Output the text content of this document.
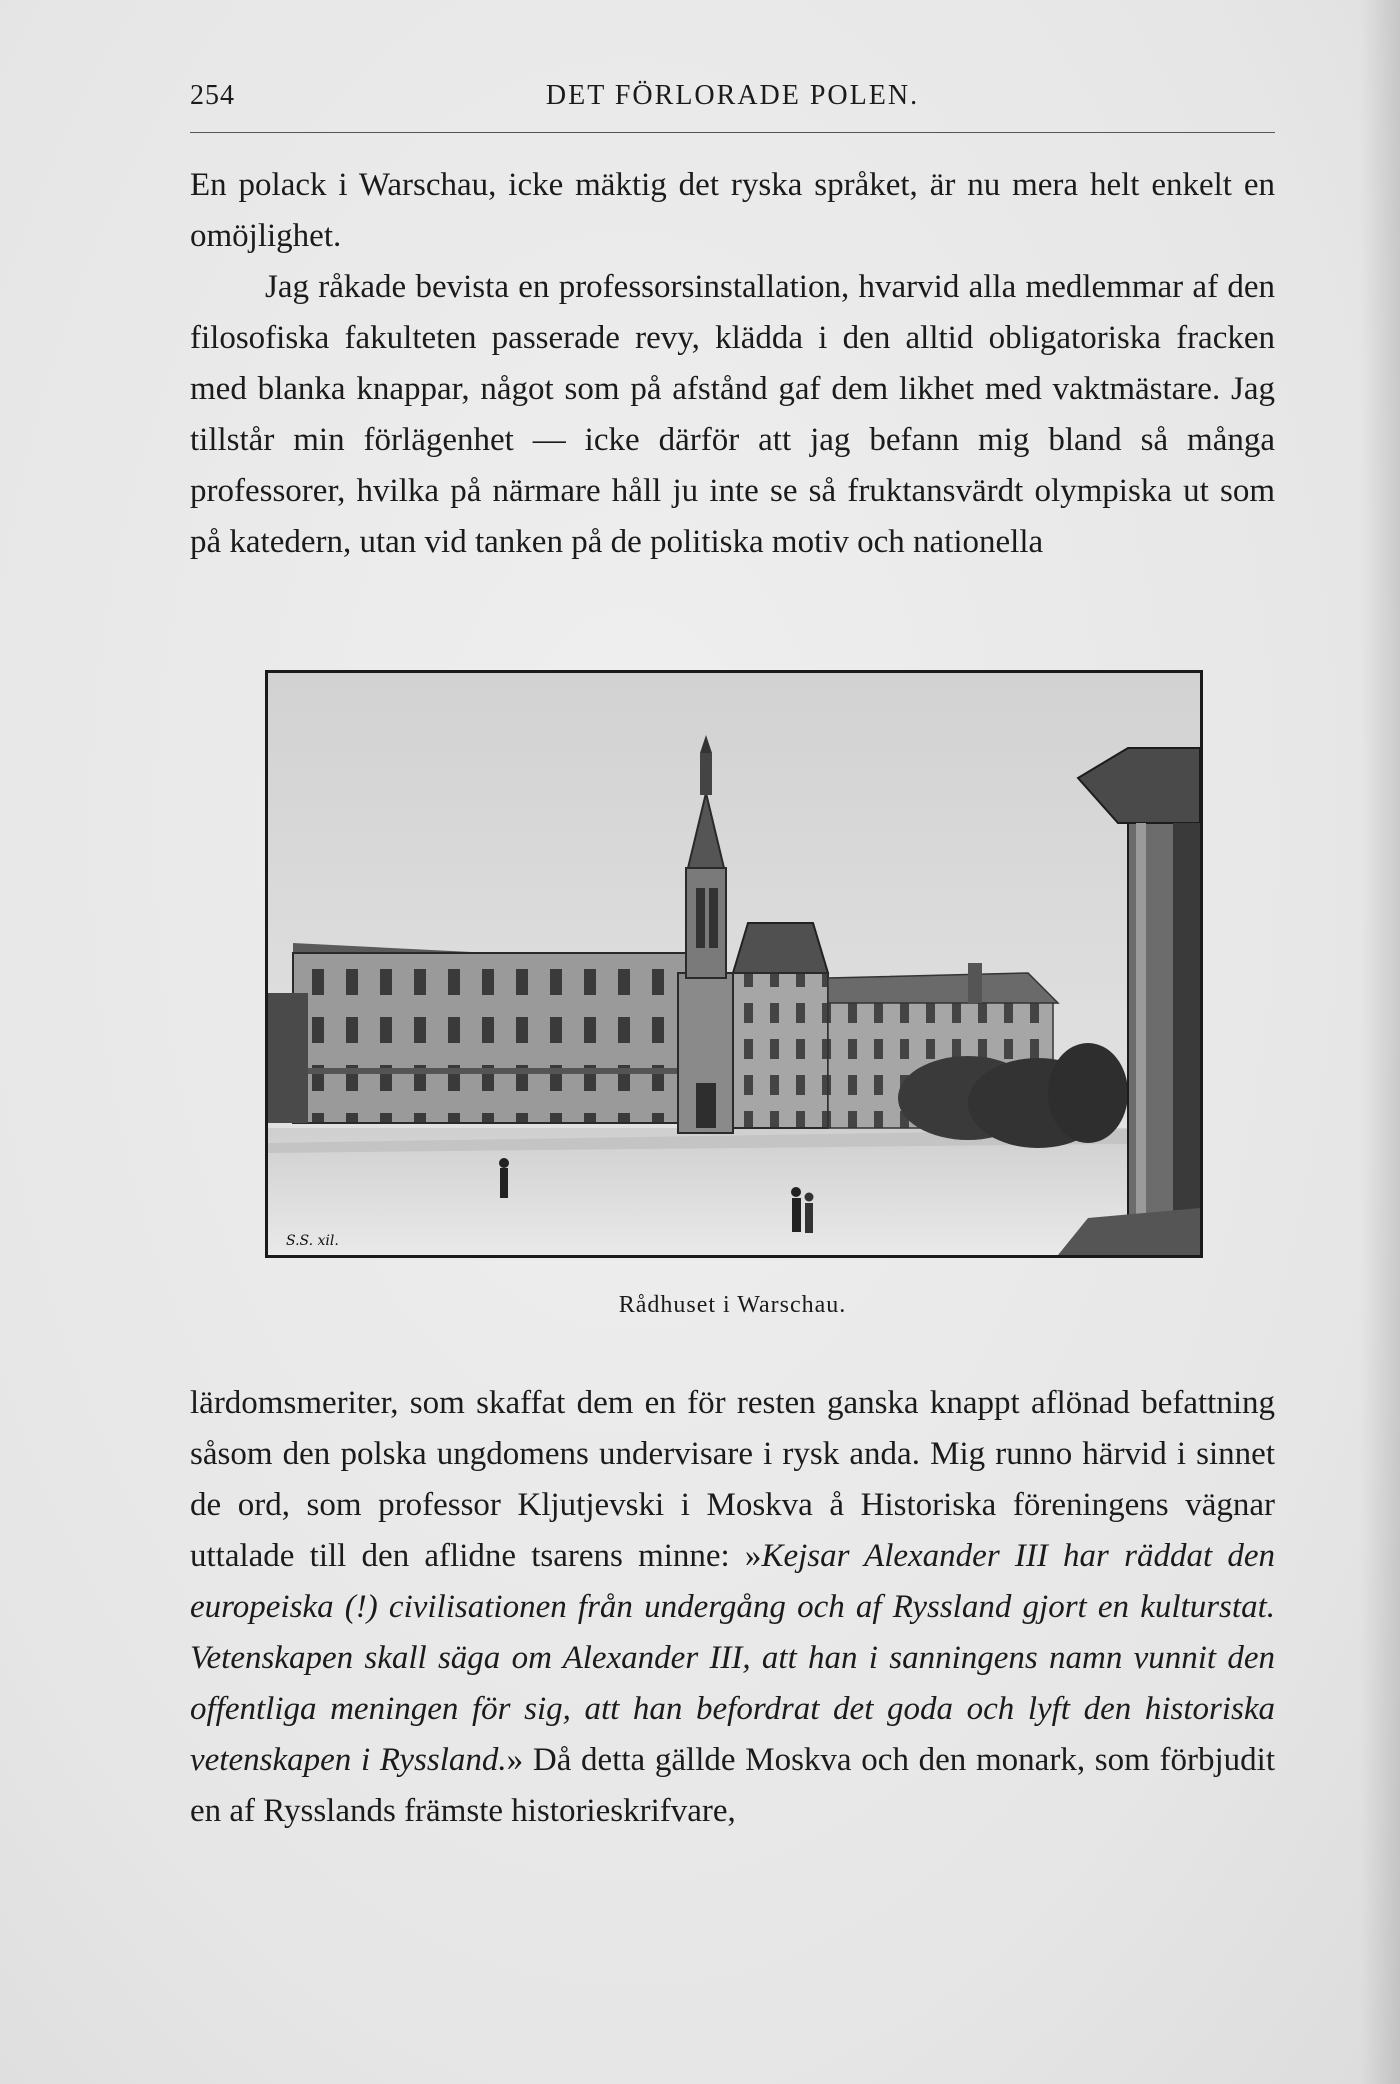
254	DET FÖRLORADE POLEN.

En polack i Warschau, icke mäktig det ryska språket, är nu mera helt enkelt en omöjlighet.

Jag råkade bevista en professorsinstallation, hvarvid alla medlemmar af den filosofiska fakulteten passerade revy, klädda i den alltid obligatoriska fracken med blanka knappar, något som på afstånd gaf dem likhet med vaktmästare. Jag tillstår min förlägenhet — icke därför att jag befann mig bland så många professorer, hvilka på närmare håll ju inte se så fruktansvärdt olympiska ut som på katedern, utan vid tanken på de politiska motiv och nationella

S.S. xil.
Rådhuset i Warschau.

lärdomsmeriter, som skaffat dem en för resten ganska knappt aflönad befattning såsom den polska ungdomens undervisare i rysk anda. Mig runno härvid i sinnet de ord, som professor Kljutjevski i Moskva å Historiska föreningens vägnar uttalade till den aflidne tsarens minne: »Kejsar Alexander III har räddat den europeiska (!) civilisationen från undergång och af Ryssland gjort en kulturstat. Vetenskapen skall säga om Alexander III, att han i sanningens namn vunnit den offentliga meningen för sig, att han befordrat det goda och lyft den historiska vetenskapen i Ryssland.» Då detta gällde Moskva och den monark, som förbjudit en af Rysslands främste historieskrifvare,
